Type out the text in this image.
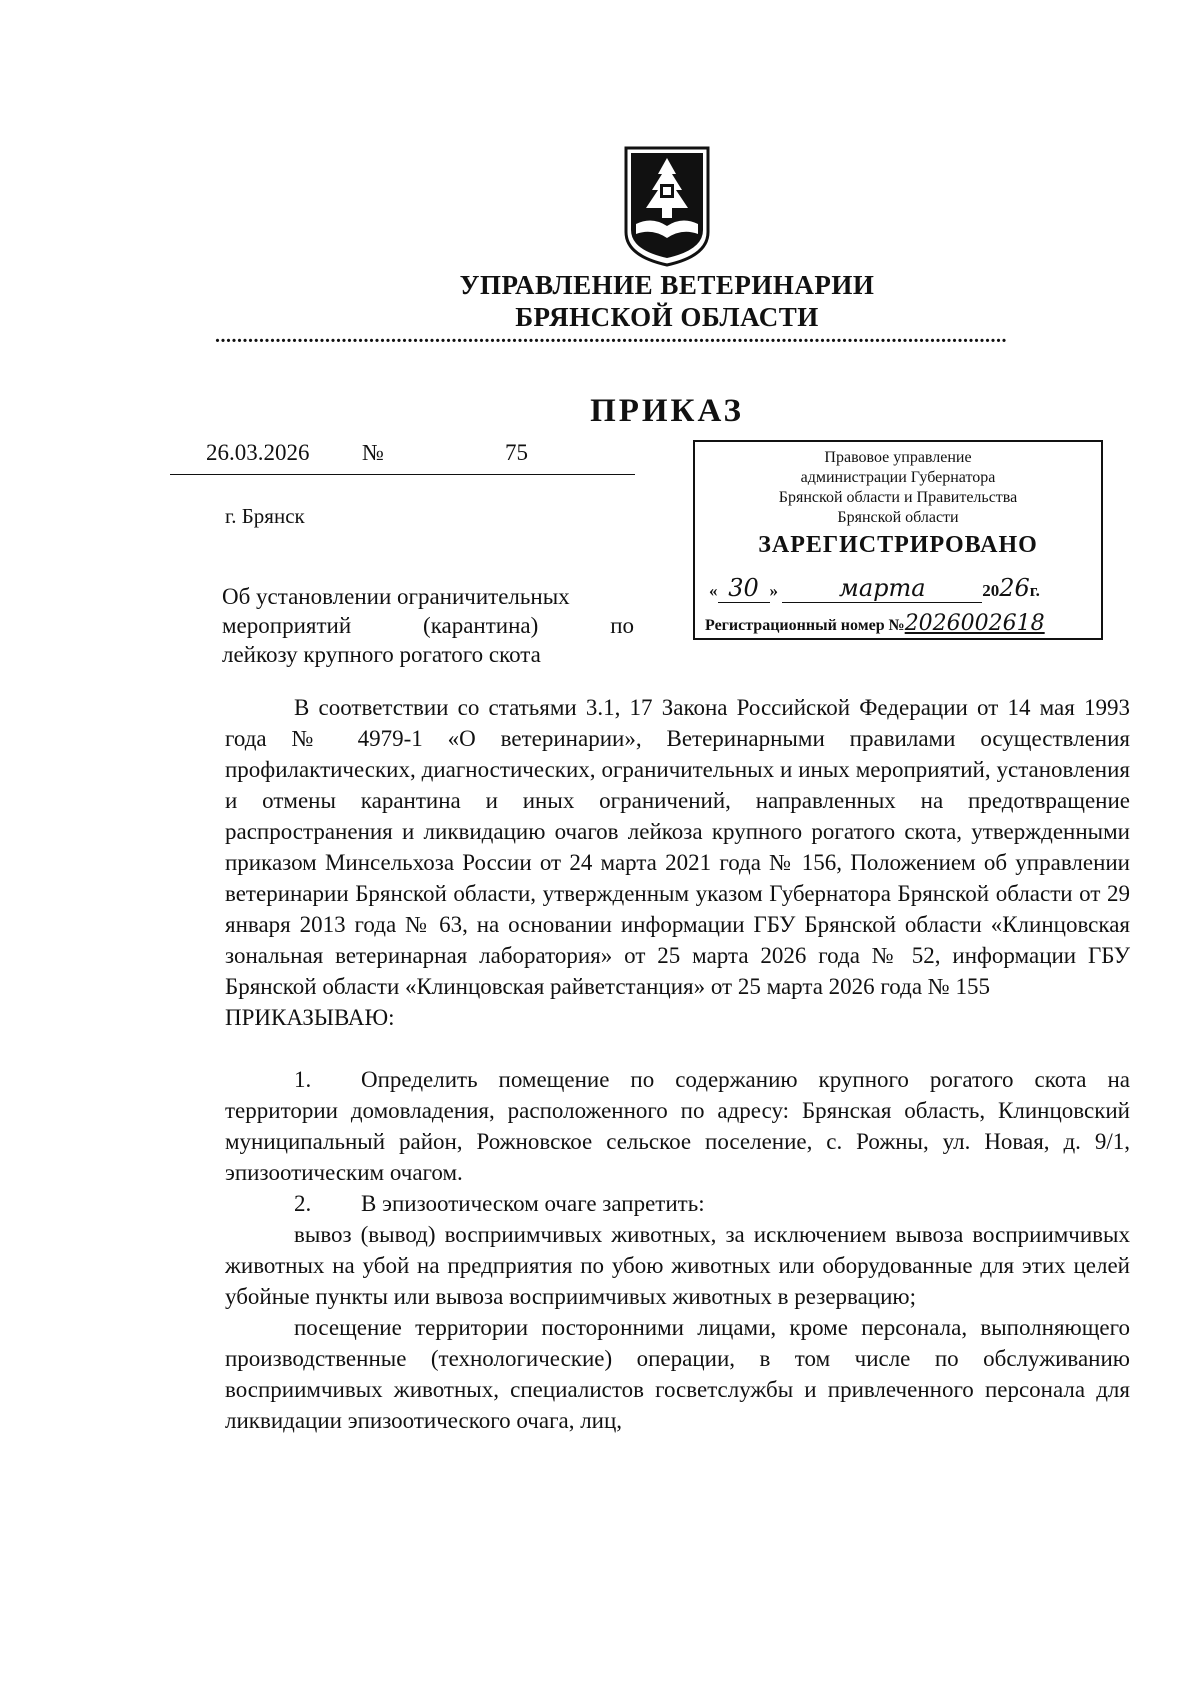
УПРАВЛЕНИЕ ВЕТЕРИНАРИИ
БРЯНСКОЙ ОБЛАСТИ
................................................................................................................................................
ПРИКАЗ
26.03.2026 №	75
г. Брянск
Об установлении ограничительных
мероприятий (карантина) по
лейкозу крупного рогатого скота
Правовое управление
администрации Губернатора
Брянской области и Правительства
Брянской области
ЗАРЕГИСТРИРОВАНО
« 30 »	марта	2026г.
Регистрационный номер №2026002618
В соответствии со статьями 3.1, 17 Закона Российской Федерации от 14 мая 1993 года № 4979-1 «О ветеринарии», Ветеринарными правилами осуществления профилактических, диагностических, ограничительных и иных мероприятий, установления и отмены карантина и иных ограничений, направленных на предотвращение распространения и ликвидацию очагов лейкоза крупного рогатого скота, утвержденными приказом Минсельхоза России от 24 марта 2021 года № 156, Положением об управлении ветеринарии Брянской области, утвержденным указом Губернатора Брянской области от 29 января 2013 года № 63, на основании информации ГБУ Брянской области «Клинцовская зональная ветеринарная лаборатория» от 25 марта 2026 года № 52, информации ГБУ Брянской области «Клинцовская райветстанция» от 25 марта 2026 года № 155
ПРИКАЗЫВАЮ:
1. Определить помещение по содержанию крупного рогатого скота на территории домовладения, расположенного по адресу: Брянская область, Клинцовский муниципальный район, Рожновское сельское поселение, с. Рожны, ул. Новая, д. 9/1, эпизоотическим очагом.
2. В эпизоотическом очаге запретить:
вывоз (вывод) восприимчивых животных, за исключением вывоза восприимчивых животных на убой на предприятия по убою животных или оборудованные для этих целей убойные пункты или вывоза восприимчивых животных в резервацию;
посещение территории посторонними лицами, кроме персонала, выполняющего производственные (технологические) операции, в том числе по обслуживанию восприимчивых животных, специалистов госветслужбы и привлеченного персонала для ликвидации эпизоотического очага, лиц,
